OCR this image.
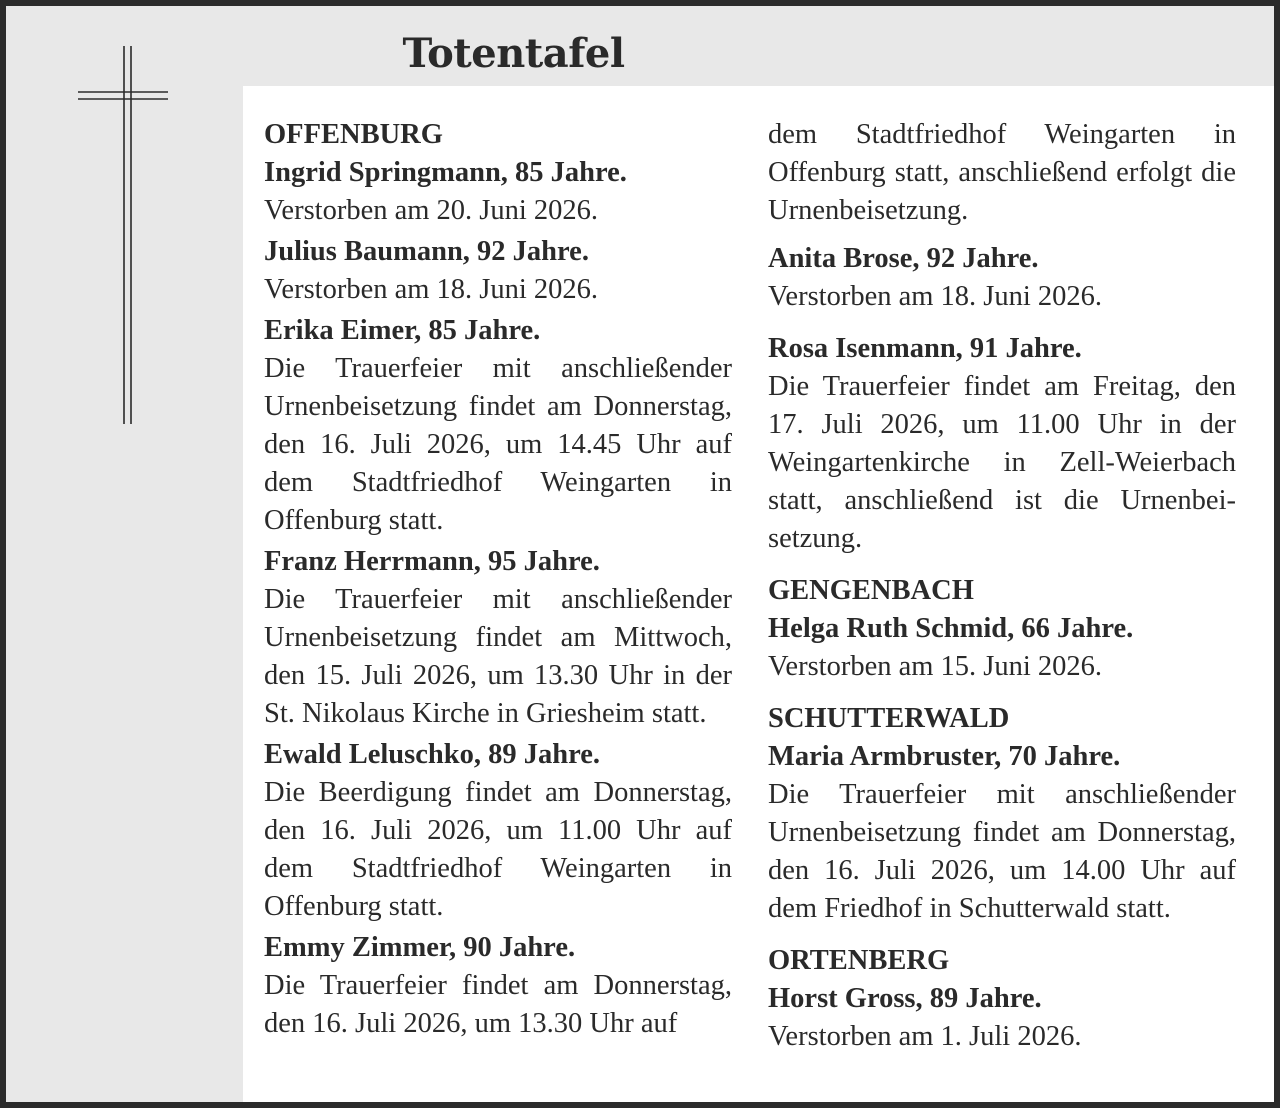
Totentafel
OFFENBURG
Ingrid Springmann, 85 Jahre.
Verstorben am 20. Juni 2026.
Julius Baumann, 92 Jahre.
Verstorben am 18. Juni 2026.
Erika Eimer, 85 Jahre.
Die Trauerfeier mit anschließender Urnenbeisetzung findet am Donnerstag, den 16. Juli 2026, um 14.45 Uhr auf dem Stadtfriedhof Weingarten in Offenburg statt.
Franz Herrmann, 95 Jahre.
Die Trauerfeier mit anschließender Urnenbeisetzung findet am Mittwoch, den 15. Juli 2026, um 13.30 Uhr in der St. Nikolaus Kirche in Griesheim statt.
Ewald Leluschko, 89 Jahre.
Die Beerdigung findet am Donnerstag, den 16. Juli 2026, um 11.00 Uhr auf dem Stadtfriedhof Weingarten in Offenburg statt.
Emmy Zimmer, 90 Jahre.
Die Trauerfeier findet am Donnerstag, den 16. Juli 2026, um 13.30 Uhr auf
dem Stadtfriedhof Weingarten in Offenburg statt, anschließend erfolgt die Urnenbeisetzung.
Anita Brose, 92 Jahre.
Verstorben am 18. Juni 2026.
Rosa Isenmann, 91 Jahre.
Die Trauerfeier findet am Freitag, den 17. Juli 2026, um 11.00 Uhr in der Weingartenkirche in Zell-Weierbach statt, anschließend ist die Urnenbeisetzung.
GENGENBACH
Helga Ruth Schmid, 66 Jahre.
Verstorben am 15. Juni 2026.
SCHUTTERWALD
Maria Armbruster, 70 Jahre.
Die Trauerfeier mit anschließender Urnenbeisetzung findet am Donnerstag, den 16. Juli 2026, um 14.00 Uhr auf dem Friedhof in Schutterwald statt.
ORTENBERG
Horst Gross, 89 Jahre.
Verstorben am 1. Juli 2026.
